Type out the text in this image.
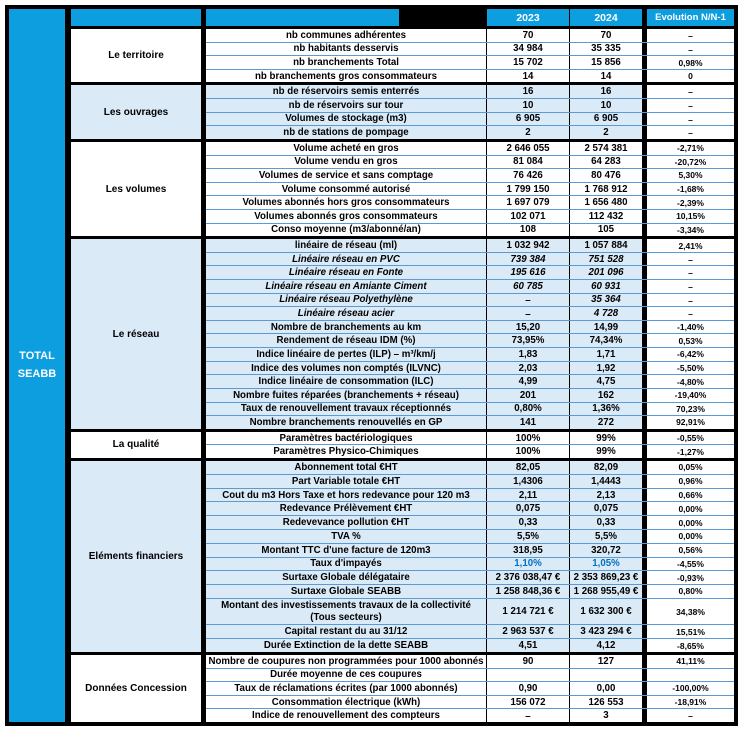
TOTAL SEABB
2023	2024	Evolution N/N-1
Le territoire
nb communes adhérentes	70	70	–
nb habitants desservis	34 984	35 335	–
nb branchements Total	15 702	15 856	0,98%
nb branchements gros consommateurs	14	14	0
Les ouvrages
nb de réservoirs semis enterrés	16	16	–
nb de réservoirs sur tour	10	10	–
Volumes de stockage (m3)	6 905	6 905	–
nb de stations de pompage	2	2	–
Les volumes
Volume acheté en gros	2 646 055	2 574 381	-2,71%
Volume vendu en gros	81 084	64 283	-20,72%
Volumes de service et sans comptage	76 426	80 476	5,30%
Volume consommé autorisé	1 799 150	1 768 912	-1,68%
Volumes abonnés hors gros consommateurs	1 697 079	1 656 480	-2,39%
Volumes abonnés gros consommateurs	102 071	112 432	10,15%
Conso moyenne (m3/abonné/an)	108	105	-3,34%
Le réseau
linéaire de réseau (ml)	1 032 942	1 057 884	2,41%
Linéaire réseau en PVC	739 384	751 528	–
Linéaire réseau en Fonte	195 616	201 096	–
Linéaire réseau en Amiante Ciment	60 785	60 931	–
Linéaire réseau Polyethylène	–	35 364	–
Linéaire réseau acier	–	4 728	–
Nombre de branchements au km	15,20	14,99	-1,40%
Rendement de réseau IDM (%)	73,95%	74,34%	0,53%
Indice linéaire de pertes (ILP) – m³/km/j	1,83	1,71	-6,42%
Indice des volumes non comptés (ILVNC)	2,03	1,92	-5,50%
Indice linéaire de consommation (ILC)	4,99	4,75	-4,80%
Nombre fuites réparées (branchements + réseau)	201	162	-19,40%
Taux de renouvellement travaux réceptionnés	0,80%	1,36%	70,23%
Nombre branchements renouvellés en GP	141	272	92,91%
La qualité
Paramètres bactériologiques	100%	99%	-0,55%
Paramètres Physico-Chimiques	100%	99%	-1,27%
Eléments financiers
Abonnement total €HT	82,05	82,09	0,05%
Part Variable totale €HT	1,4306	1,4443	0,96%
Cout du m3 Hors Taxe et hors redevance pour 120 m3	2,11	2,13	0,66%
Redevance Prélèvement €HT	0,075	0,075	0,00%
Redevevance pollution €HT	0,33	0,33	0,00%
TVA %	5,5%	5,5%	0,00%
Montant TTC d'une facture de 120m3	318,95	320,72	0,56%
Taux d'impayés	1,10%	1,05%	-4,55%
Surtaxe Globale délégataire	2 376 038,47 €	2 353 869,23 €	-0,93%
Surtaxe Globale SEABB	1 258 848,36 €	1 268 955,49 €	0,80%
Montant des investissements travaux de la collectivité (Tous secteurs)	1 214 721 €	1 632 300 €	34,38%
Capital restant du au 31/12	2 963 537 €	3 423 294 €	15,51%
Durée Extinction de la dette SEABB	4,51	4,12	-8,65%
Données Concession
Nombre de coupures non programmées pour 1000 abonnés	90	127	41,11%
Durée moyenne de ces coupures
Taux de réclamations écrites (par 1000 abonnés)	0,90	0,00	-100,00%
Consommation électrique (kWh)	156 072	126 553	-18,91%
Indice de renouvellement des compteurs	–	3	–
